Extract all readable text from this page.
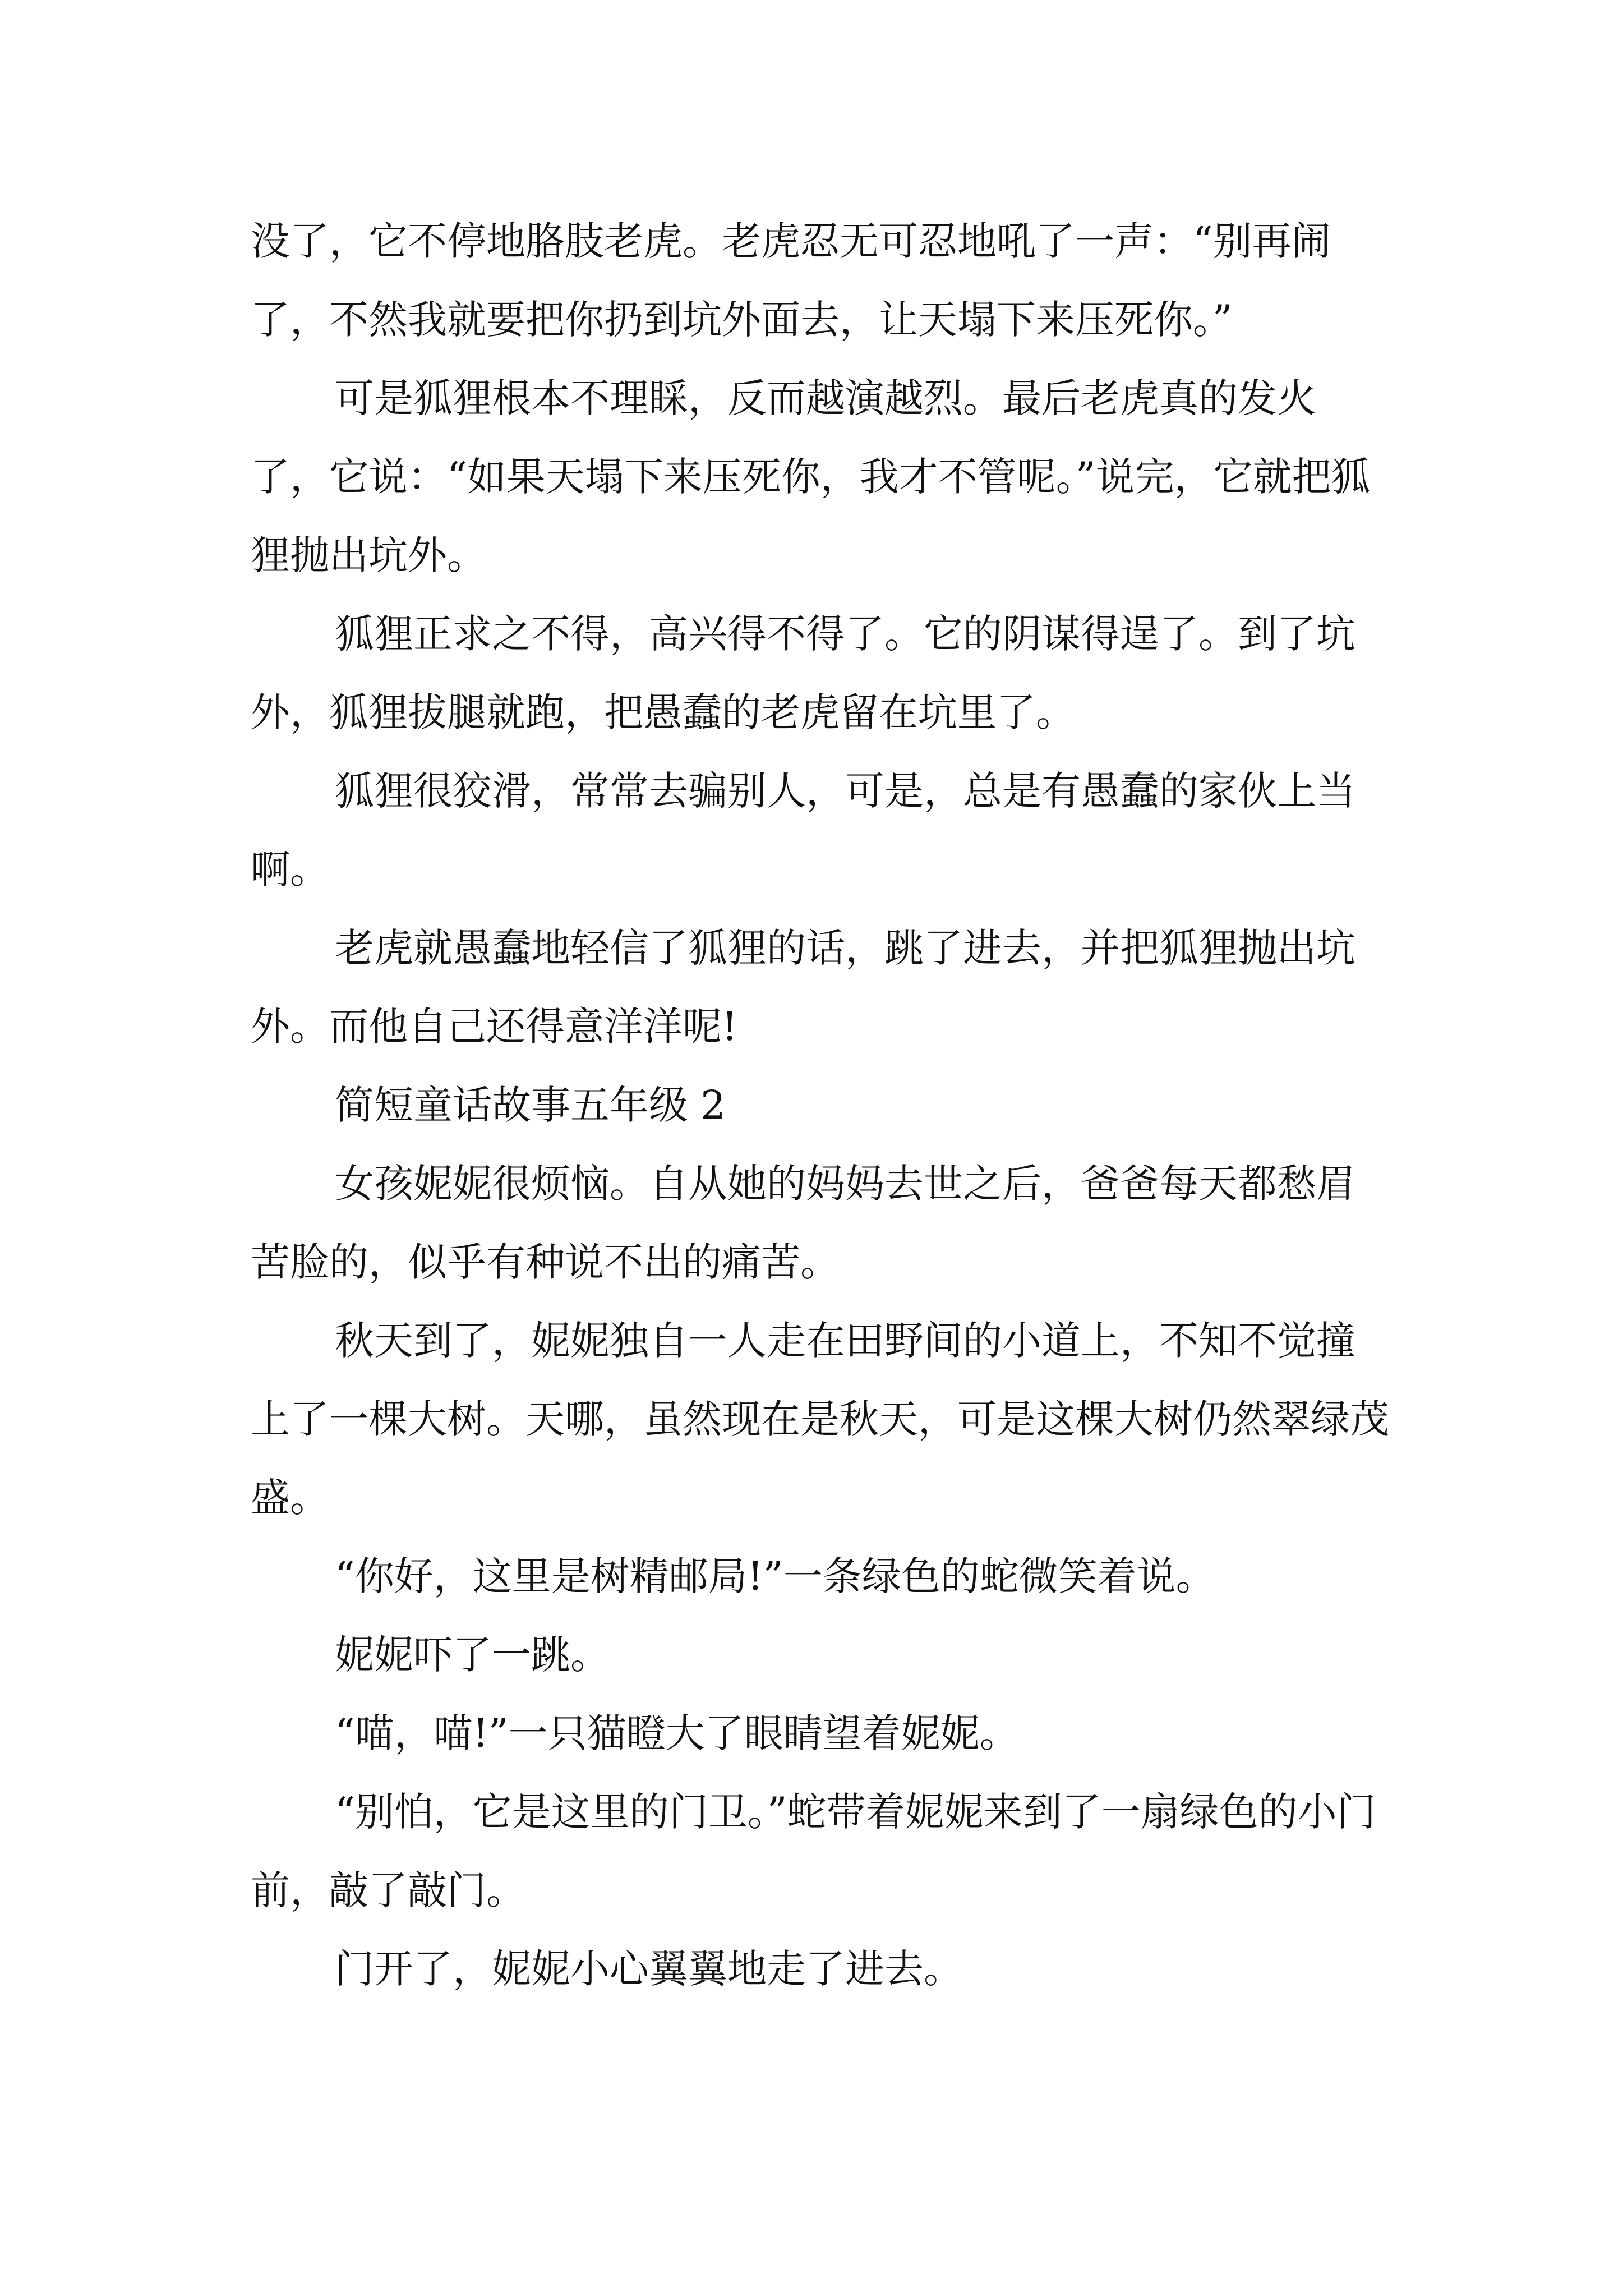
没了，它不停地胳肢老虎。老虎忍无可忍地吼了一声：“别再闹了，不然我就要把你扔到坑外面去，让天塌下来压死你。”

可是狐狸根本不理睬，反而越演越烈。最后老虎真的发火了，它说：“如果天塌下来压死你，我才不管呢。”说完，它就把狐狸抛出坑外。

狐狸正求之不得，高兴得不得了。它的阴谋得逞了。到了坑外，狐狸拔腿就跑，把愚蠢的老虎留在坑里了。

狐狸很狡滑，常常去骗别人，可是，总是有愚蠢的家伙上当啊。

老虎就愚蠢地轻信了狐狸的话，跳了进去，并把狐狸抛出坑外。而他自己还得意洋洋呢!

简短童话故事五年级 2

女孩妮妮很烦恼。自从她的妈妈去世之后，爸爸每天都愁眉苦脸的，似乎有种说不出的痛苦。

秋天到了，妮妮独自一人走在田野间的小道上，不知不觉撞上了一棵大树。天哪，虽然现在是秋天，可是这棵大树仍然翠绿茂盛。

“你好，这里是树精邮局!”一条绿色的蛇微笑着说。

妮妮吓了一跳。

“喵，喵!”一只猫瞪大了眼睛望着妮妮。

“别怕，它是这里的门卫。”蛇带着妮妮来到了一扇绿色的小门前，敲了敲门。

门开了，妮妮小心翼翼地走了进去。
